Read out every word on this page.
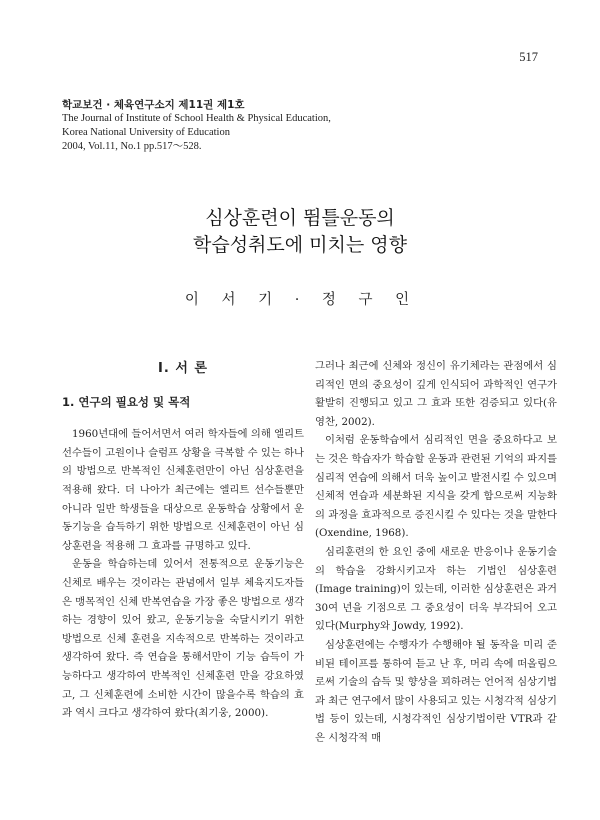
517
학교보건 · 체육연구소지 제11권 제1호
The Journal of Institute of School Health & Physical Education,
Korea National University of Education
2004, Vol.11, No.1 pp.517～528.
심상훈련이 뜀틀운동의
학습성취도에 미치는 영향
이 서 기 · 정 구 인
Ⅰ. 서 론
1. 연구의 필요성 및 목적

1960년대에 들어서면서 여러 학자들에 의해 엘리트 선수들이 고원이나 슬럼프 상황을 극복할 수 있는 하나의 방법으로 반복적인 신체훈련만이 아닌 심상훈련을 적용해 왔다. 더 나아가 최근에는 엘리트 선수들뿐만 아니라 일반 학생들을 대상으로 운동학습 상황에서 운동기능을 습득하기 위한 방법으로 신체훈련이 아닌 심상훈련을 적용해 그 효과를 규명하고 있다.

운동을 학습하는데 있어서 전통적으로 운동기능은 신체로 배우는 것이라는 관념에서 일부 체육지도자들은 맹목적인 신체 반복연습을 가장 좋은 방법으로 생각하는 경향이 있어 왔고, 운동기능을 숙달시키기 위한 방법으로 신체 훈련을 지속적으로 반복하는 것이라고 생각하여 왔다. 즉 연습을 통해서만이 기능 습득이 가능하다고 생각하여 반복적인 신체훈련 만을 강요하였고, 그 신체훈련에 소비한 시간이 많을수록 학습의 효과 역시 크다고 생각하여 왔다(최기웅, 2000).

그러나 최근에 신체와 정신이 유기체라는 관점에서 심리적인 면의 중요성이 깊게 인식되어 과학적인 연구가 활발히 진행되고 있고 그 효과 또한 검증되고 있다(유영찬, 2002).

이처럼 운동학습에서 심리적인 면을 중요하다고 보는 것은 학습자가 학습할 운동과 관련된 기억의 파지를 심리적 연습에 의해서 더욱 높이고 발전시킬 수 있으며 신체적 연습과 세분화된 지식을 갖게 함으로써 지능화의 과정을 효과적으로 증진시킬 수 있다는 것을 말한다(Oxendine, 1968).

심리훈련의 한 요인 중에 새로운 반응이나 운동기술의 학습을 강화시키고자 하는 기법인 심상훈련(Image training)이 있는데, 이러한 심상훈련은 과거 30여 년을 기점으로 그 중요성이 더욱 부각되어 오고 있다(Murphy와 Jowdy, 1992).

심상훈련에는 수행자가 수행해야 될 동작을 미리 준비된 테이프를 통하여 듣고 난 후, 머리 속에 떠올림으로써 기술의 습득 및 향상을 꾀하려는 언어적 심상기법과 최근 연구에서 많이 사용되고 있는 시청각적 심상기법 등이 있는데, 시청각적인 심상기법이란 VTR과 같은 시청각적 매
